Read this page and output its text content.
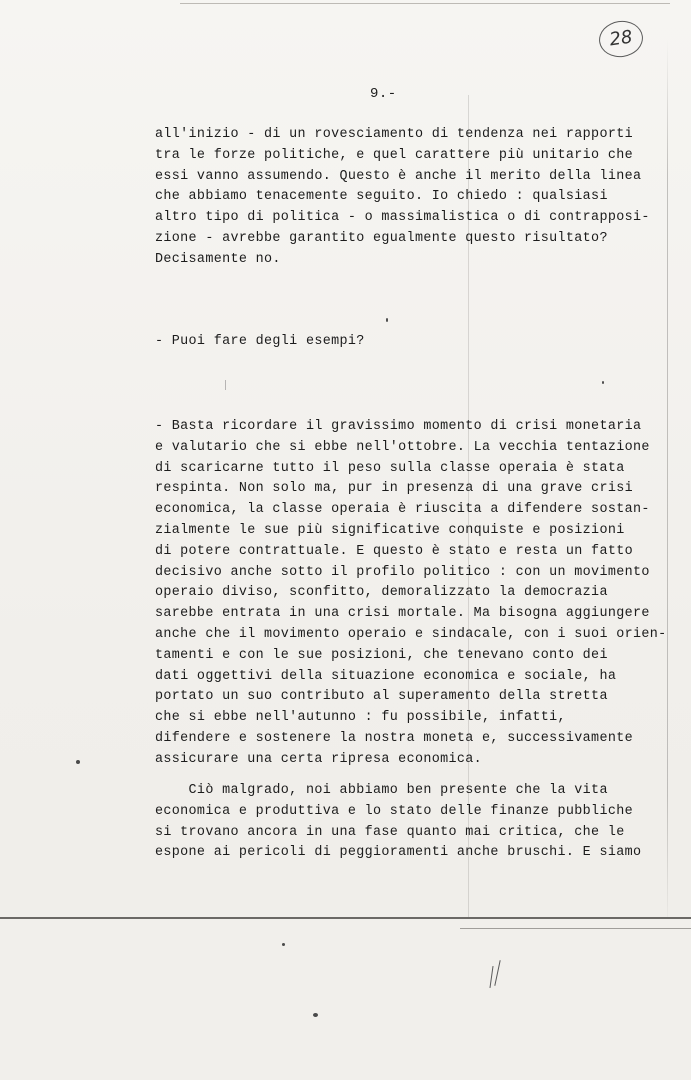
28
9.-

all'inizio - di un rovesciamento di tendenza nei rapporti
tra le forze politiche, e quel carattere più unitario che
essi vanno assumendo. Questo è anche il merito della linea
che abbiamo tenacemente seguito. Io chiedo : qualsiasi
altro tipo di politica - o massimalistica o di contrapposi-
zione - avrebbe garantito egualmente questo risultato?
Decisamente no.

- Puoi fare degli esempi?

- Basta ricordare il gravissimo momento di crisi monetaria
e valutario che si ebbe nell'ottobre. La vecchia tentazione
di scaricarne tutto il peso sulla classe operaia è stata
respinta. Non solo ma, pur in presenza di una grave crisi
economica, la classe operaia è riuscita a difendere sostan-
zialmente le sue più significative conquiste e posizioni
di potere contrattuale. E questo è stato e resta un fatto
decisivo anche sotto il profilo politico : con un movimento
operaio diviso, sconfitto, demoralizzato la democrazia
sarebbe entrata in una crisi mortale. Ma bisogna aggiungere
anche che il movimento operaio e sindacale, con i suoi orien-
tamenti e con le sue posizioni, che tenevano conto dei
dati oggettivi della situazione economica e sociale, ha
portato un suo contributo al superamento della stretta
che si ebbe nell'autunno : fu possibile, infatti,
difendere e sostenere la nostra moneta e, successivamente
assicurare una certa ripresa economica.

Ciò malgrado, noi abbiamo ben presente che la vita
economica e produttiva e lo stato delle finanze pubbliche
si trovano ancora in una fase quanto mai critica, che le
espone ai pericoli di peggioramenti anche bruschi. E siamo
